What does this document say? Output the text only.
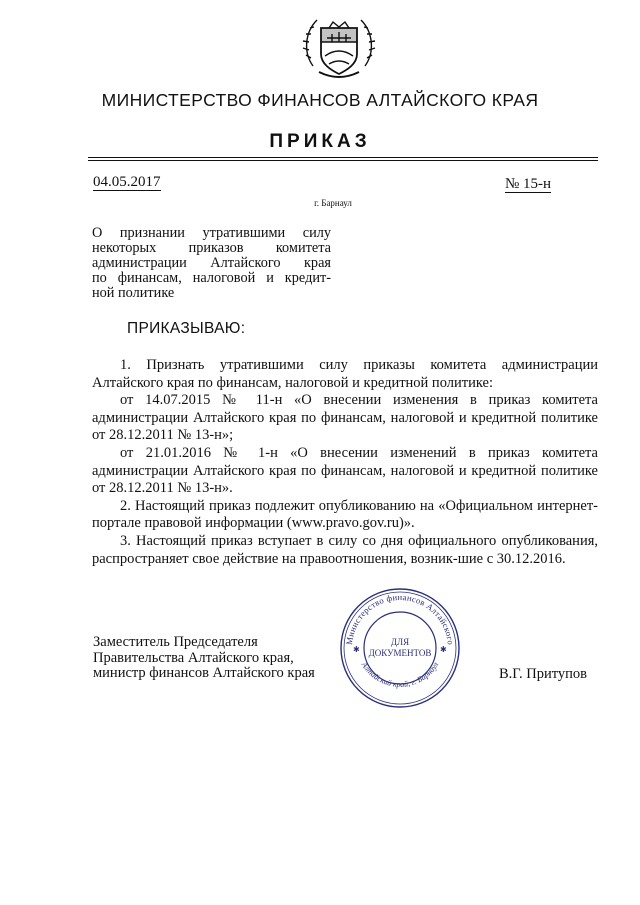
МИНИСТЕРСТВО ФИНАНСОВ АЛТАЙСКОГО КРАЯ
ПРИКАЗ
04.05.2017	№ 15-н
г. Барнаул
О признании утратившими силу
некоторых приказов комитета
администрации Алтайского края
по финансам, налоговой и кредит-
ной политике
ПРИКАЗЫВАЮ:

1. Признать утратившими силу приказы комитета администрации Алтайского края по финансам, налоговой и кредитной политике:

от 14.07.2015 № 11-н «О внесении изменения в приказ комитета администрации Алтайского края по финансам, налоговой и кредитной политике от 28.12.2011 № 13-н»;

от 21.01.2016 № 1-н «О внесении изменений в приказ комитета администрации Алтайского края по финансам, налоговой и кредитной политике от 28.12.2011 № 13-н».

2. Настоящий приказ подлежит опубликованию на «Официальном интернет-портале правовой информации (www.pravo.gov.ru)».

3. Настоящий приказ вступает в силу со дня официального опубликования, распространяет свое действие на правоотношения, возник-шие с 30.12.2016.

Министерство финансов Алтайского
Алтайский край, г. Барнаул
ДЛЯ
ДОКУМЕНТОВ
✱	✱
Заместитель Председателя
Правительства Алтайского края,
министр финансов Алтайского края	В.Г. Притупов
